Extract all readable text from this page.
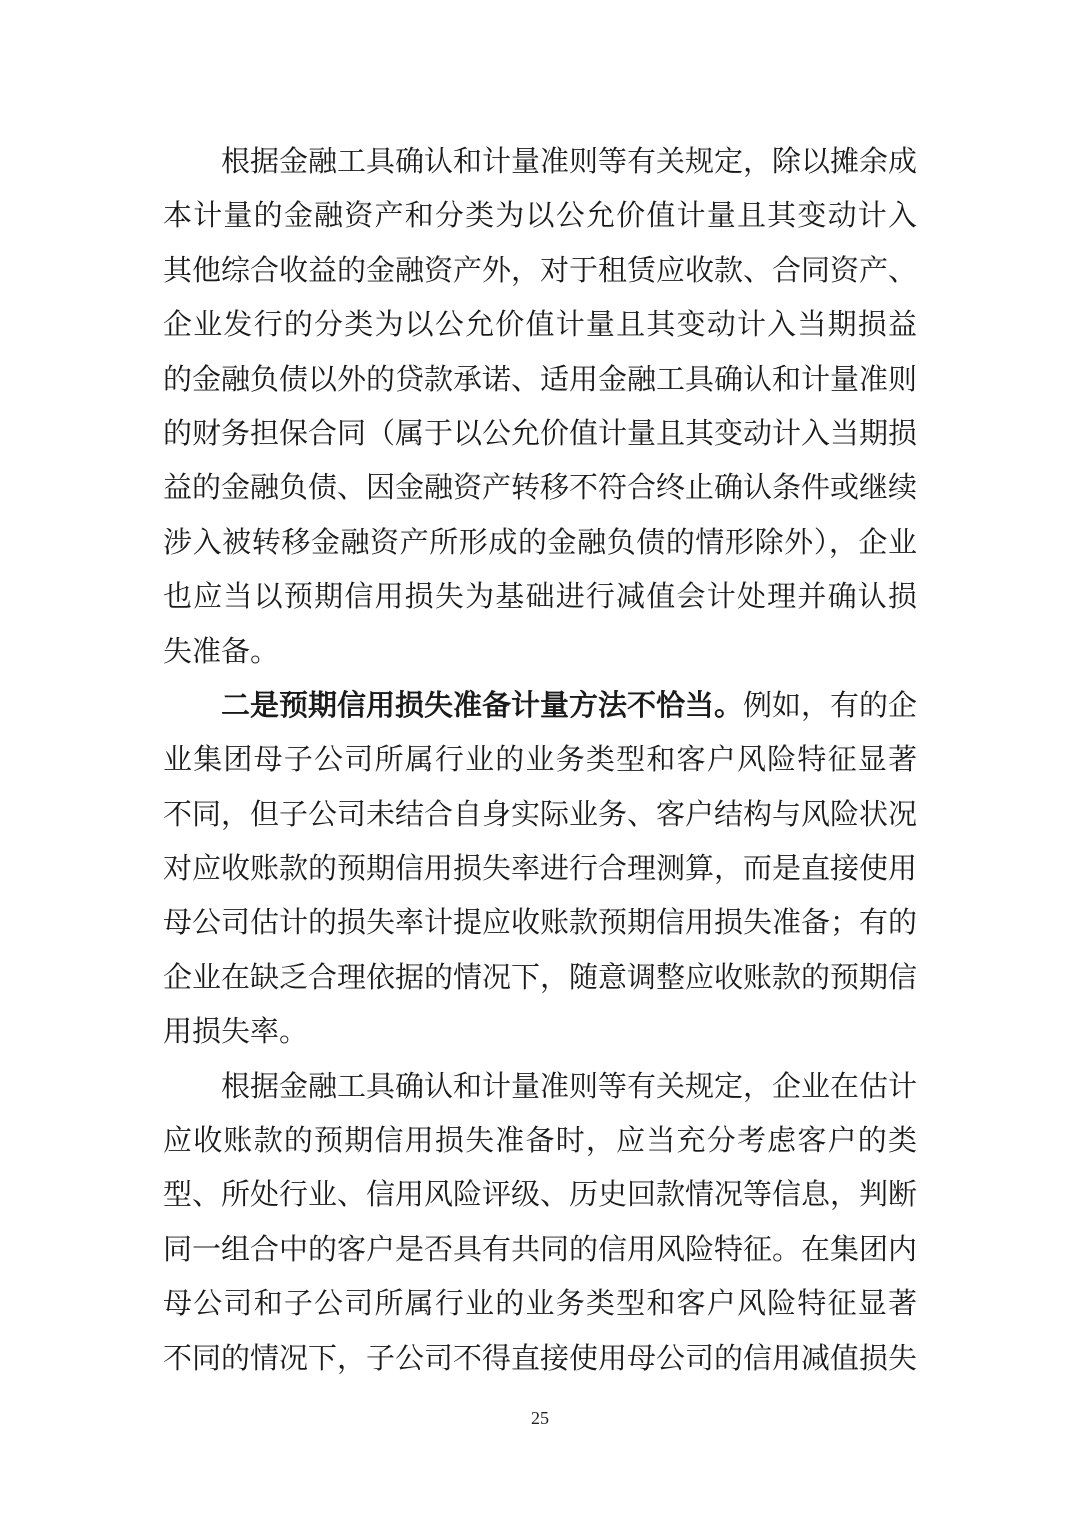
根据金融工具确认和计量准则等有关规定，除以摊余成
本计量的金融资产和分类为以公允价值计量且其变动计入
其他综合收益的金融资产外，对于租赁应收款、合同资产、
企业发行的分类为以公允价值计量且其变动计入当期损益
的金融负债以外的贷款承诺、适用金融工具确认和计量准则
的财务担保合同（属于以公允价值计量且其变动计入当期损
益的金融负债、因金融资产转移不符合终止确认条件或继续
涉入被转移金融资产所形成的金融负债的情形除外），企业
也应当以预期信用损失为基础进行减值会计处理并确认损
失准备。
二是预期信用损失准备计量方法不恰当。例如，有的企
业集团母子公司所属行业的业务类型和客户风险特征显著
不同，但子公司未结合自身实际业务、客户结构与风险状况
对应收账款的预期信用损失率进行合理测算，而是直接使用
母公司估计的损失率计提应收账款预期信用损失准备；有的
企业在缺乏合理依据的情况下，随意调整应收账款的预期信
用损失率。
根据金融工具确认和计量准则等有关规定，企业在估计
应收账款的预期信用损失准备时，应当充分考虑客户的类
型、所处行业、信用风险评级、历史回款情况等信息，判断
同一组合中的客户是否具有共同的信用风险特征。在集团内
母公司和子公司所属行业的业务类型和客户风险特征显著
不同的情况下，子公司不得直接使用母公司的信用减值损失
25
